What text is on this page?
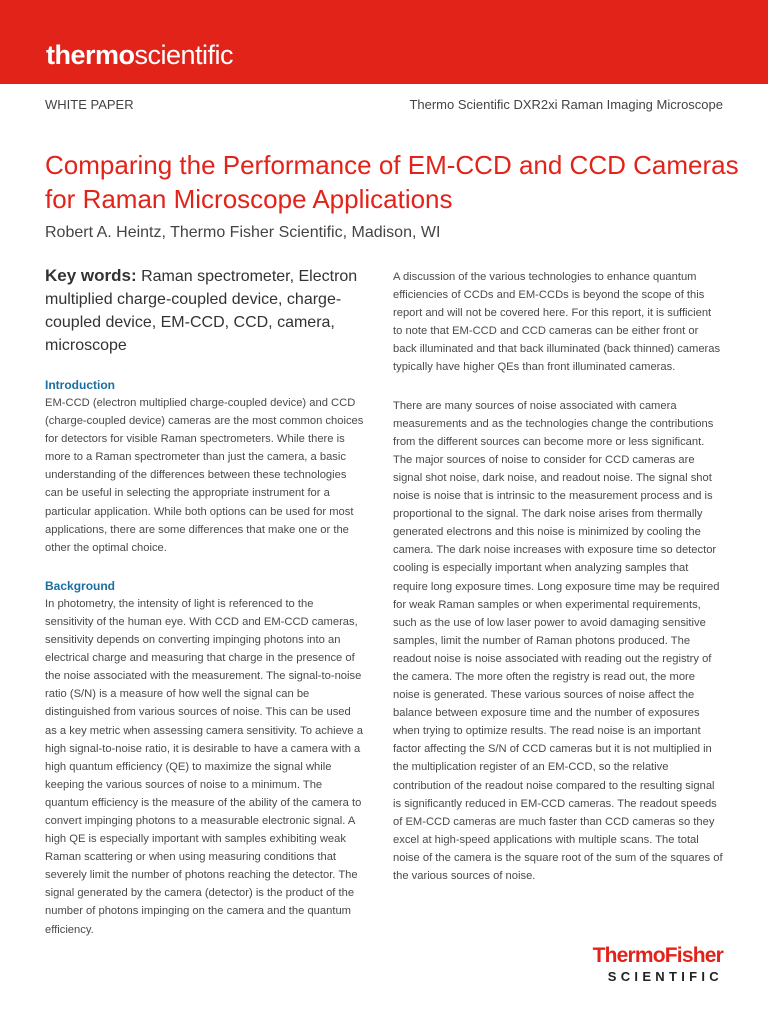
thermoscientific
WHITE PAPER	Thermo Scientific DXR2xi Raman Imaging Microscope
Comparing the Performance of EM-CCD and CCD Cameras
for Raman Microscope Applications
Robert A. Heintz, Thermo Fisher Scientific, Madison, WI
Key words: Raman spectrometer, Electron multiplied charge-coupled device, charge-coupled device, EM-CCD, CCD, camera, microscope
Introduction

EM-CCD (electron multiplied charge-coupled device) and CCD (charge-coupled device) cameras are the most common choices for detectors for visible Raman spectrometers. While there is more to a Raman spectrometer than just the camera, a basic understanding of the differences between these technologies can be useful in selecting the appropriate instrument for a particular application. While both options can be used for most applications, there are some differences that make one or the other the optimal choice.

Background

In photometry, the intensity of light is referenced to the sensitivity of the human eye. With CCD and EM-CCD cameras, sensitivity depends on converting impinging photons into an electrical charge and measuring that charge in the presence of the noise associated with the measurement. The signal-to-noise ratio (S/N) is a measure of how well the signal can be distinguished from various sources of noise. This can be used as a key metric when assessing camera sensitivity. To achieve a high signal-to-noise ratio, it is desirable to have a camera with a high quantum efficiency (QE) to maximize the signal while keeping the various sources of noise to a minimum. The quantum efficiency is the measure of the ability of the camera to convert impinging photons to a measurable electronic signal. A high QE is especially important with samples exhibiting weak Raman scattering or when using measuring conditions that severely limit the number of photons reaching the detector. The signal generated by the camera (detector) is the product of the number of photons impinging on the camera and the quantum efficiency.

A discussion of the various technologies to enhance quantum efficiencies of CCDs and EM-CCDs is beyond the scope of this report and will not be covered here. For this report, it is sufficient to note that EM-CCD and CCD cameras can be either front or back illuminated and that back illuminated (back thinned) cameras typically have higher QEs than front illuminated cameras.

There are many sources of noise associated with camera measurements and as the technologies change the contributions from the different sources can become more or less significant. The major sources of noise to consider for CCD cameras are signal shot noise, dark noise, and readout noise. The signal shot noise is noise that is intrinsic to the measurement process and is proportional to the signal. The dark noise arises from thermally generated electrons and this noise is minimized by cooling the camera. The dark noise increases with exposure time so detector cooling is especially important when analyzing samples that require long exposure times. Long exposure time may be required for weak Raman samples or when experimental requirements, such as the use of low laser power to avoid damaging sensitive samples, limit the number of Raman photons produced. The readout noise is noise associated with reading out the registry of the camera. The more often the registry is read out, the more noise is generated. These various sources of noise affect the balance between exposure time and the number of exposures when trying to optimize results. The read noise is an important factor affecting the S/N of CCD cameras but it is not multiplied in the multiplication register of an EM-CCD, so the relative contribution of the readout noise compared to the resulting signal is significantly reduced in EM-CCD cameras. The readout speeds of EM-CCD cameras are much faster than CCD cameras so they excel at high-speed applications with multiple scans. The total noise of the camera is the square root of the sum of the squares of the various sources of noise.

ThermoFisher
SCIENTIFIC
